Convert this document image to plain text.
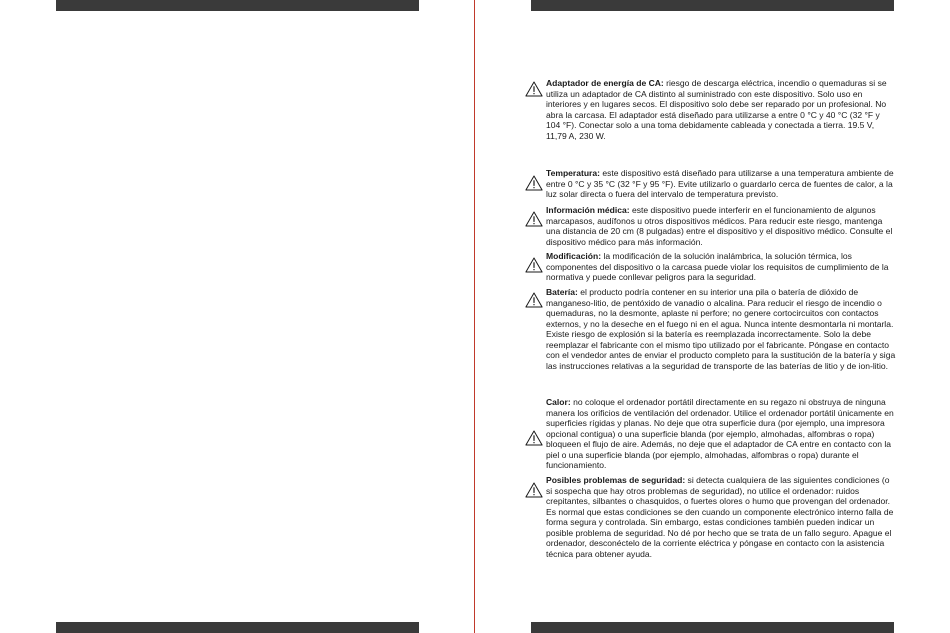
Adaptador de energía de CA: riesgo de descarga eléctrica, incendio o quemaduras si se utiliza un adaptador de CA distinto al suministrado con este dispositivo. Solo uso en interiores y en lugares secos. El dispositivo solo debe ser reparado por un profesional. No abra la carcasa. El adaptador está diseñado para utilizarse a entre 0 °C y 40 °C (32 °F y 104 °F). Conectar solo a una toma debidamente cableada y conectada a tierra. 19.5 V, 11,79 A, 230 W.

Temperatura: este dispositivo está diseñado para utilizarse a una temperatura ambiente de entre 0 °C y 35 °C (32 °F y 95 °F). Evite utilizarlo o guardarlo cerca de fuentes de calor, a la luz solar directa o fuera del intervalo de temperatura previsto.

Información médica: este dispositivo puede interferir en el funcionamiento de algunos marcapasos, audífonos u otros dispositivos médicos. Para reducir este riesgo, mantenga una distancia de 20 cm (8 pulgadas) entre el dispositivo y el dispositivo médico. Consulte el dispositivo médico para más información.

Modificación: la modificación de la solución inalámbrica, la solución térmica, los componentes del dispositivo o la carcasa puede violar los requisitos de cumplimiento de la normativa y puede conllevar peligros para la seguridad.

Batería: el producto podría contener en su interior una pila o batería de dióxido de manganeso-litio, de pentóxido de vanadio o alcalina. Para reducir el riesgo de incendio o quemaduras, no la desmonte, aplaste ni perfore; no genere cortocircuitos con contactos externos, y no la deseche en el fuego ni en el agua. Nunca intente desmontarla ni montarla. Existe riesgo de explosión si la batería es reemplazada incorrectamente. Solo la debe reemplazar el fabricante con el mismo tipo utilizado por el fabricante. Póngase en contacto con el vendedor antes de enviar el producto completo para la sustitución de la batería y siga las instrucciones relativas a la seguridad de transporte de las baterías de litio y de ion-litio.

Calor: no coloque el ordenador portátil directamente en su regazo ni obstruya de ninguna manera los orificios de ventilación del ordenador. Utilice el ordenador portátil únicamente en superficies rígidas y planas. No deje que otra superficie dura (por ejemplo, una impresora opcional contigua) o una superficie blanda (por ejemplo, almohadas, alfombras o ropa) bloqueen el flujo de aire. Además, no deje que el adaptador de CA entre en contacto con la piel o una superficie blanda (por ejemplo, almohadas, alfombras o ropa) durante el funcionamiento.

Posibles problemas de seguridad: si detecta cualquiera de las siguientes condiciones (o si sospecha que hay otros problemas de seguridad), no utilice el ordenador: ruidos crepitantes, silbantes o chasquidos, o fuertes olores o humo que provengan del ordenador. Es normal que estas condiciones se den cuando un componente electrónico interno falla de forma segura y controlada. Sin embargo, estas condiciones también pueden indicar un posible problema de seguridad. No dé por hecho que se trata de un fallo seguro. Apague el ordenador, desconéctelo de la corriente eléctrica y póngase en contacto con la asistencia técnica para obtener ayuda.
